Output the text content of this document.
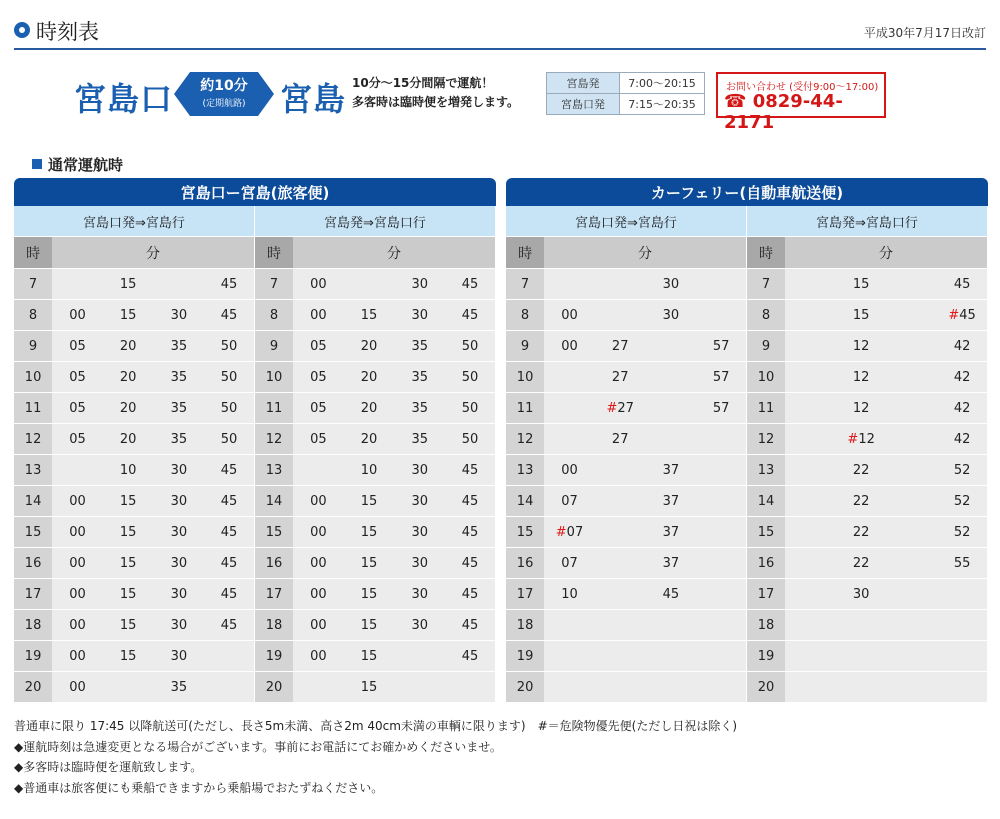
時刻表	平成30年7月17日改訂
宮島口	約10分
(定期航路)	宮島 10分～15分間隔で運航！
多客時は臨時便を増発します。
宮島発	7:00～20:15
宮島口発	7:15～20:35
お問い合わせ (受付9:00～17:00)
☎ 0829-44-2171
通常運航時
宮島口ー宮島(旅客便)									
宮島口発⇒宮島行					宮島発⇒宮島口行				
時	分				時	分			
7		15		45	7	00		30	45
8	00	15	30	45	8	00	15	30	45
9	05	20	35	50	9	05	20	35	50
10	05	20	35	50	10	05	20	35	50
11	05	20	35	50	11	05	20	35	50
12	05	20	35	50	12	05	20	35	50
13		10	30	45	13		10	30	45
14	00	15	30	45	14	00	15	30	45
15	00	15	30	45	15	00	15	30	45
16	00	15	30	45	16	00	15	30	45
17	00	15	30	45	17	00	15	30	45
18	00	15	30	45	18	00	15	30	45
19	00	15	30		19	00	15		45
20	00		35		20		15		
カーフェリー(自動車航送便)									
宮島口発⇒宮島行					宮島発⇒宮島口行				
時	分				時	分			
7			30		7		15		45
8	00		30		8		15		#45
9	00	27		57	9		12		42
10		27		57	10		12		42
11		#27		57	11		12		42
12		27			12		#12		42
13	00		37		13		22		52
14	07		37		14		22		52
15	#07		37		15		22		52
16	07		37		16		22		55
17	10		45		17		30		
18					18				
19					19				
20					20				
普通車に限り 17:45 以降航送可(ただし、長さ5m未満、高さ2m 40cm未満の車輌に限ります)　#＝危険物優先便(ただし日祝は除く)
◆運航時刻は急遽変更となる場合がございます。事前にお電話にてお確かめくださいませ。
◆多客時は臨時便を運航致します。
◆普通車は旅客便にも乗船できますから乗船場でおたずねください。
